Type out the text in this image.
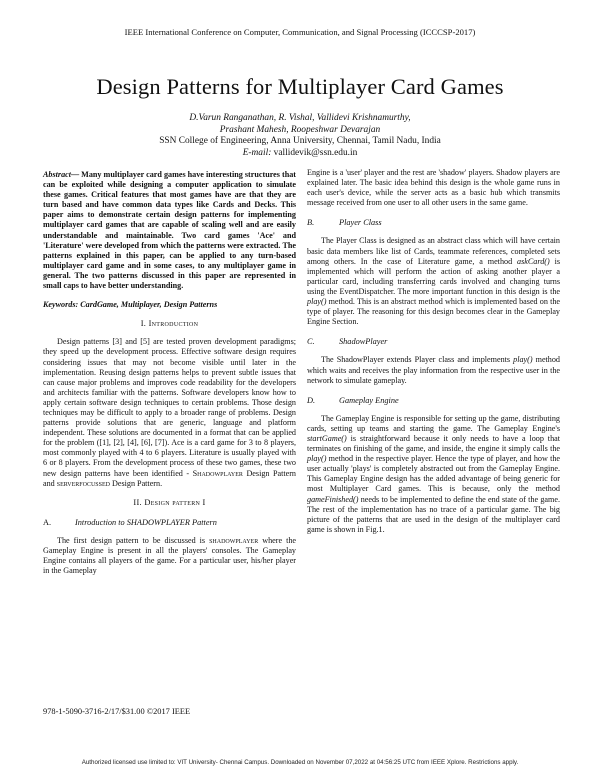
IEEE International Conference on Computer, Communication, and Signal Processing (ICCCSP-2017)
Design Patterns for Multiplayer Card Games
D.Varun Ranganathan, R. Vishal, Vallidevi Krishnamurthy,
Prashant Mahesh, Roopeshwar Devarajan
SSN College of Engineering, Anna University, Chennai, Tamil Nadu, India
E-mail: vallidevik@ssn.edu.in

Abstract— Many multiplayer card games have interesting structures that can be exploited while designing a computer application to simulate these games. Critical features that most games have are that they are turn based and have common data types like Cards and Decks. This paper aims to demonstrate certain design patterns for implementing multiplayer card games that are capable of scaling well and are easily understandable and maintainable. Two card games 'Ace' and 'Literature' were developed from which the patterns were extracted. The patterns explained in this paper, can be applied to any turn-based multiplayer card game and in some cases, to any multiplayer game in general. The two patterns discussed in this paper are represented in small caps to have better understanding.

Keywords: CardGame, Multiplayer, Design Patterns

I. Introduction

Design patterns [3] and [5] are tested proven development paradigms; they speed up the development process. Effective software design requires considering issues that may not become visible until later in the implementation. Reusing design patterns helps to prevent subtle issues that can cause major problems and improves code readability for the developers and architects familiar with the patterns. Software developers know how to apply certain software design techniques to certain problems. Those design techniques may be difficult to apply to a broader range of problems. Design patterns provide solutions that are generic, language and platform independent. These solutions are documented in a format that can be applied for the problem ([1], [2], [4], [6], [7]). Ace is a card game for 3 to 8 players, most commonly played with 4 to 6 players. Literature is usually played with 6 or 8 players. From the development process of these two games, these two new design patterns have been identified - Shadowplayer Design Pattern and serverfocussed Design Pattern.

II. Design pattern I
A.	Introduction to SHADOWPLAYER Pattern

The first design pattern to be discussed is shadowplayer where the Gameplay Engine is present in all the players' consoles. The Gameplay Engine contains all players of the game. For a particular user, his/her player in the Gameplay

Engine is a 'user' player and the rest are 'shadow' players. Shadow players are explained later. The basic idea behind this design is the whole game runs in each user's device, while the server acts as a basic hub which transmits message received from one user to all other users in the same game.

B.	Player Class

The Player Class is designed as an abstract class which will have certain basic data members like list of Cards, teammate references, completed sets among others. In the case of Literature game, a method askCard() is implemented which will perform the action of asking another player a particular card, including transferring cards involved and changing turns using the EventDispatcher. The more important function in this design is the play() method. This is an abstract method which is implemented based on the type of player. The reasoning for this design becomes clear in the Gameplay Engine Section.

C.	ShadowPlayer

The ShadowPlayer extends Player class and implements play() method which waits and receives the play information from the respective user in the network to simulate gameplay.

D.	Gameplay Engine

The Gameplay Engine is responsible for setting up the game, distributing cards, setting up teams and starting the game. The Gameplay Engine's startGame() is straightforward because it only needs to have a loop that terminates on finishing of the game, and inside, the engine it simply calls the play() method in the respective player. Hence the type of player, and how the user actually 'plays' is completely abstracted out from the Gameplay Engine. This Gameplay Engine design has the added advantage of being generic for most Multiplayer Card games. This is because, only the method gameFinished() needs to be implemented to define the end state of the game. The rest of the implementation has no trace of a particular game. The big picture of the patterns that are used in the design of the multiplayer card game is shown in Fig.1.

978-1-5090-3716-2/17/$31.00 ©2017 IEEE
Authorized licensed use limited to: VIT University- Chennai Campus. Downloaded on November 07,2022 at 04:56:25 UTC from IEEE Xplore. Restrictions apply.
